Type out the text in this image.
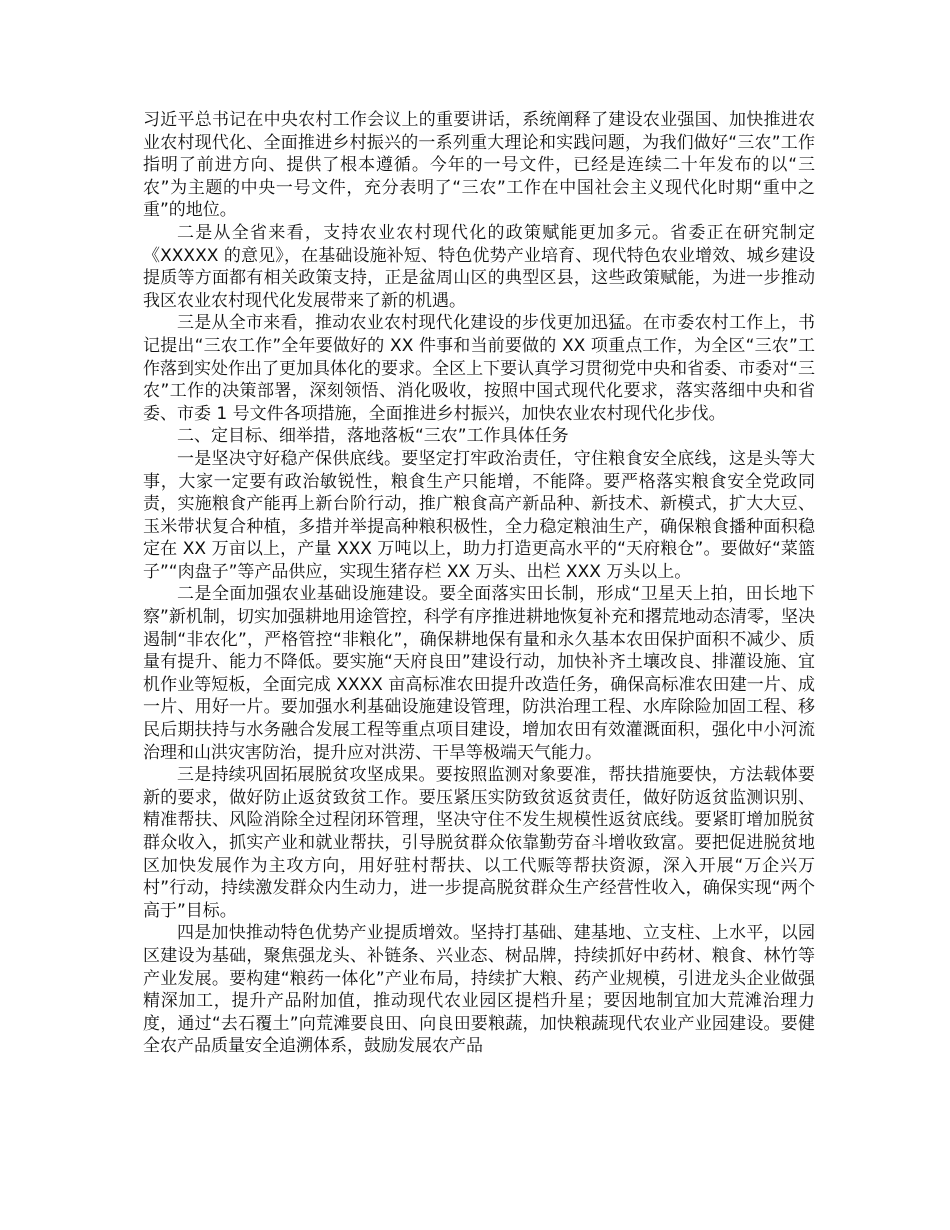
习近平总书记在中央农村工作会议上的重要讲话，系统阐释了建设农业强国、加快推进农业农村现代化、全面推进乡村振兴的一系列重大理论和实践问题，为我们做好“三农”工作指明了前进方向、提供了根本遵循。今年的一号文件，已经是连续二十年发布的以“三农”为主题的中央一号文件，充分表明了“三农”工作在中国社会主义现代化时期“重中之重”的地位。

二是从全省来看，支持农业农村现代化的政策赋能更加多元。省委正在研究制定《XXXXX 的意见》，在基础设施补短、特色优势产业培育、现代特色农业增效、城乡建设提质等方面都有相关政策支持，正是盆周山区的典型区县，这些政策赋能，为进一步推动我区农业农村现代化发展带来了新的机遇。

三是从全市来看，推动农业农村现代化建设的步伐更加迅猛。在市委农村工作上，书记提出“三农工作”全年要做好的 XX 件事和当前要做的 XX 项重点工作，为全区“三农”工作落到实处作出了更加具体化的要求。全区上下要认真学习贯彻党中央和省委、市委对“三农”工作的决策部署，深刻领悟、消化吸收，按照中国式现代化要求，落实落细中央和省委、市委 1 号文件各项措施，全面推进乡村振兴，加快农业农村现代化步伐。

二、定目标、细举措，落地落板“三农”工作具体任务

一是坚决守好稳产保供底线。要坚定打牢政治责任，守住粮食安全底线，这是头等大事，大家一定要有政治敏锐性，粮食生产只能增，不能降。要严格落实粮食安全党政同责，实施粮食产能再上新台阶行动，推广粮食高产新品种、新技术、新模式，扩大大豆、玉米带状复合种植，多措并举提高种粮积极性，全力稳定粮油生产，确保粮食播种面积稳定在 XX 万亩以上，产量 XXX 万吨以上，助力打造更高水平的“天府粮仓”。要做好“菜篮子”“肉盘子”等产品供应，实现生猪存栏 XX 万头、出栏 XXX 万头以上。

二是全面加强农业基础设施建设。要全面落实田长制，形成“卫星天上拍，田长地下察”新机制，切实加强耕地用途管控，科学有序推进耕地恢复补充和撂荒地动态清零，坚决遏制“非农化”，严格管控“非粮化”，确保耕地保有量和永久基本农田保护面积不减少、质量有提升、能力不降低。要实施“天府良田”建设行动，加快补齐土壤改良、排灌设施、宜机作业等短板，全面完成 XXXX 亩高标准农田提升改造任务，确保高标准农田建一片、成一片、用好一片。要加强水利基础设施建设管理，防洪治理工程、水库除险加固工程、移民后期扶持与水务融合发展工程等重点项目建设，增加农田有效灌溉面积，强化中小河流治理和山洪灾害防治，提升应对洪涝、干旱等极端天气能力。

三是持续巩固拓展脱贫攻坚成果。要按照监测对象要准，帮扶措施要快，方法载体要新的要求，做好防止返贫致贫工作。要压紧压实防致贫返贫责任，做好防返贫监测识别、精准帮扶、风险消除全过程闭环管理，坚决守住不发生规模性返贫底线。要紧盯增加脱贫群众收入，抓实产业和就业帮扶，引导脱贫群众依靠勤劳奋斗增收致富。要把促进脱贫地区加快发展作为主攻方向，用好驻村帮扶、以工代赈等帮扶资源，深入开展“万企兴万村”行动，持续激发群众内生动力，进一步提高脱贫群众生产经营性收入，确保实现“两个高于”目标。

四是加快推动特色优势产业提质增效。坚持打基础、建基地、立支柱、上水平，以园区建设为基础，聚焦强龙头、补链条、兴业态、树品牌，持续抓好中药材、粮食、林竹等产业发展。要构建“粮药一体化”产业布局，持续扩大粮、药产业规模，引进龙头企业做强精深加工，提升产品附加值，推动现代农业园区提档升星；要因地制宜加大荒滩治理力度，通过“去石覆土”向荒滩要良田、向良田要粮蔬，加快粮蔬现代农业产业园建设。要健全农产品质量安全追溯体系，鼓励发展农产品
